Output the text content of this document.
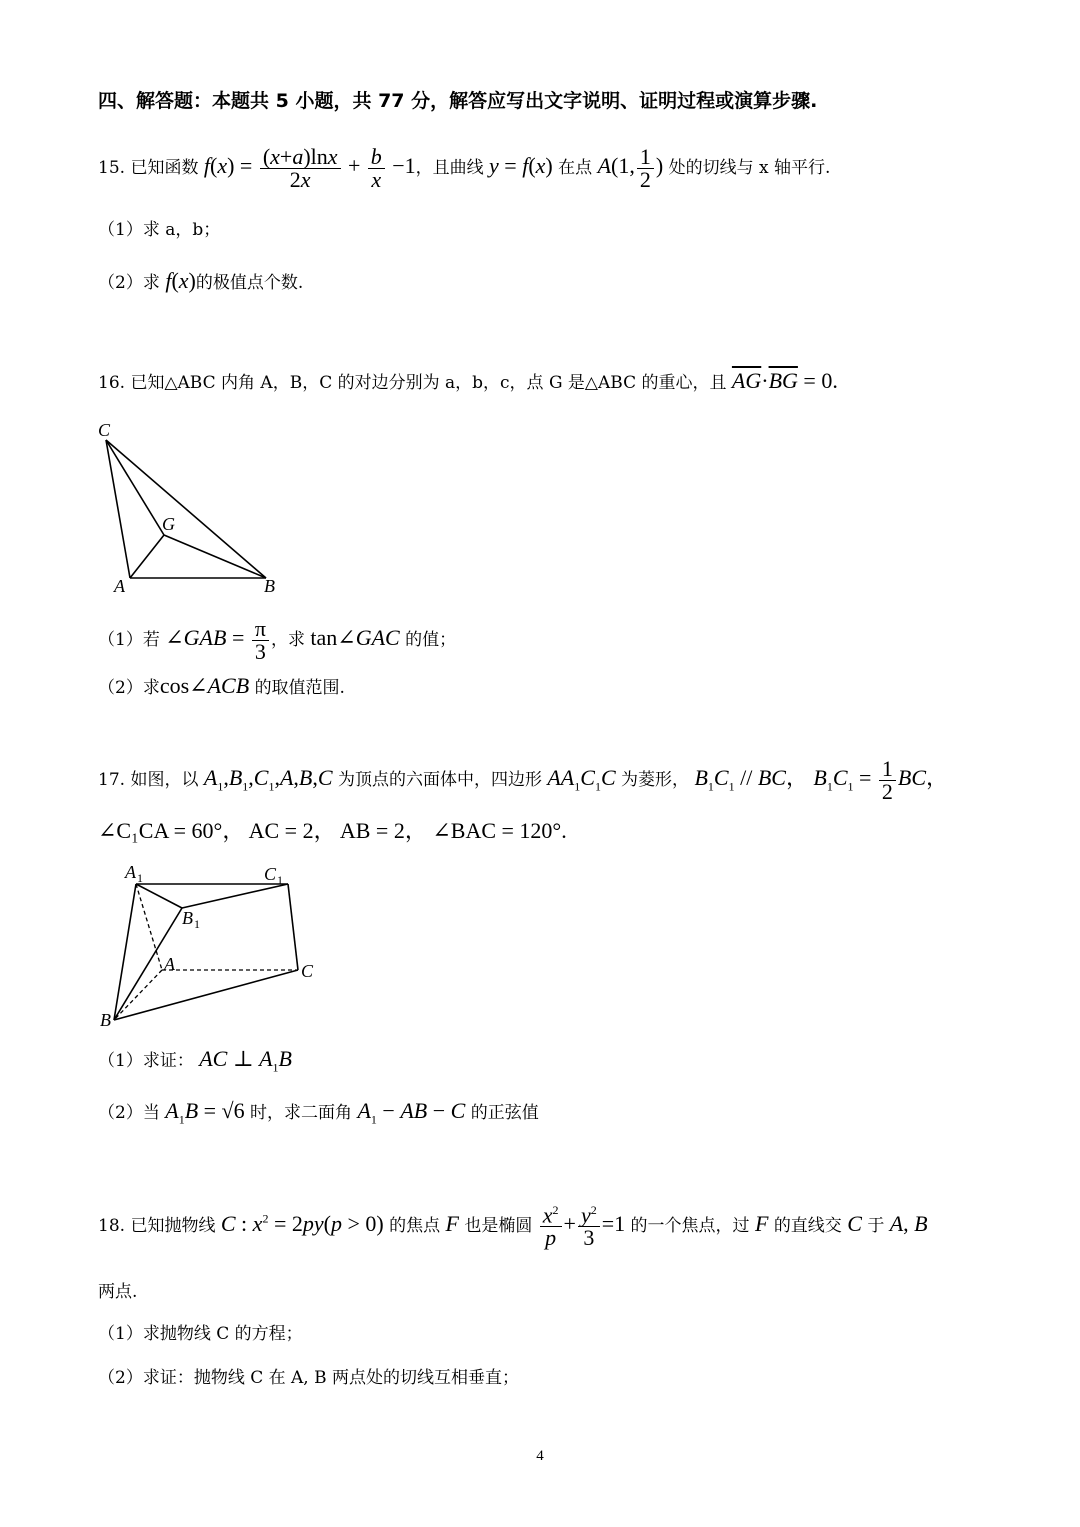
四、解答题：本题共 5 小题，共 77 分，解答应写出文字说明、证明过程或演算步骤.
15. 已知函数 $f(x) = \frac{(x+a)\ln x}{2x} + \frac{b}{x} -1$，且曲线 y = f(x) 在点 A(1, $\frac{1}{2}$ ) 处的切线与 x 轴平行.
（1）求 a，b；
（2）求 f(x)的极值点个数.
16. 已知△ABC 内角 A，B，C 的对边分别为 a，b，c，点 G 是△ABC 的重心，且 $\overline{AG}\cdot\overline{BG} = 0$.
C
G
A	B
（1）若 ∠GAB = $\frac{\pi}{3}$ ，求 tan∠GAC 的值；
（2）求cos∠ACB 的取值范围.
17. 如图，以 $A_1,B_1,C_1,A,B,C$ 为顶点的六面体中，四边形 $AA_1C_1C$ 为菱形， $B_1C_1$ // BC， $B_1C_1 = \frac{1}{2}$ BC，
∠C₁CA = 60°， AC = 2， AB = 2， ∠BAC = 120°.
$A_1$	$C_1$
$B_1$
A	C
B
（1）求证： AC ⊥ $A_1B$
（2）当 $A_1B = √6$ 时，求二面角 $A_1$ − AB − C 的正弦值
18. 已知抛物线 C : $x^2 = 2py(p > 0)$ 的焦点 F 也是椭圆 $\frac{x^2}{p} + \frac{y^2}{3} =1$ 的一个焦点，过 F 的直线交 C 于 A, B
两点.
（1）求抛物线 C 的方程；
（2）求证：抛物线 C 在 A, B 两点处的切线互相垂直；
4
